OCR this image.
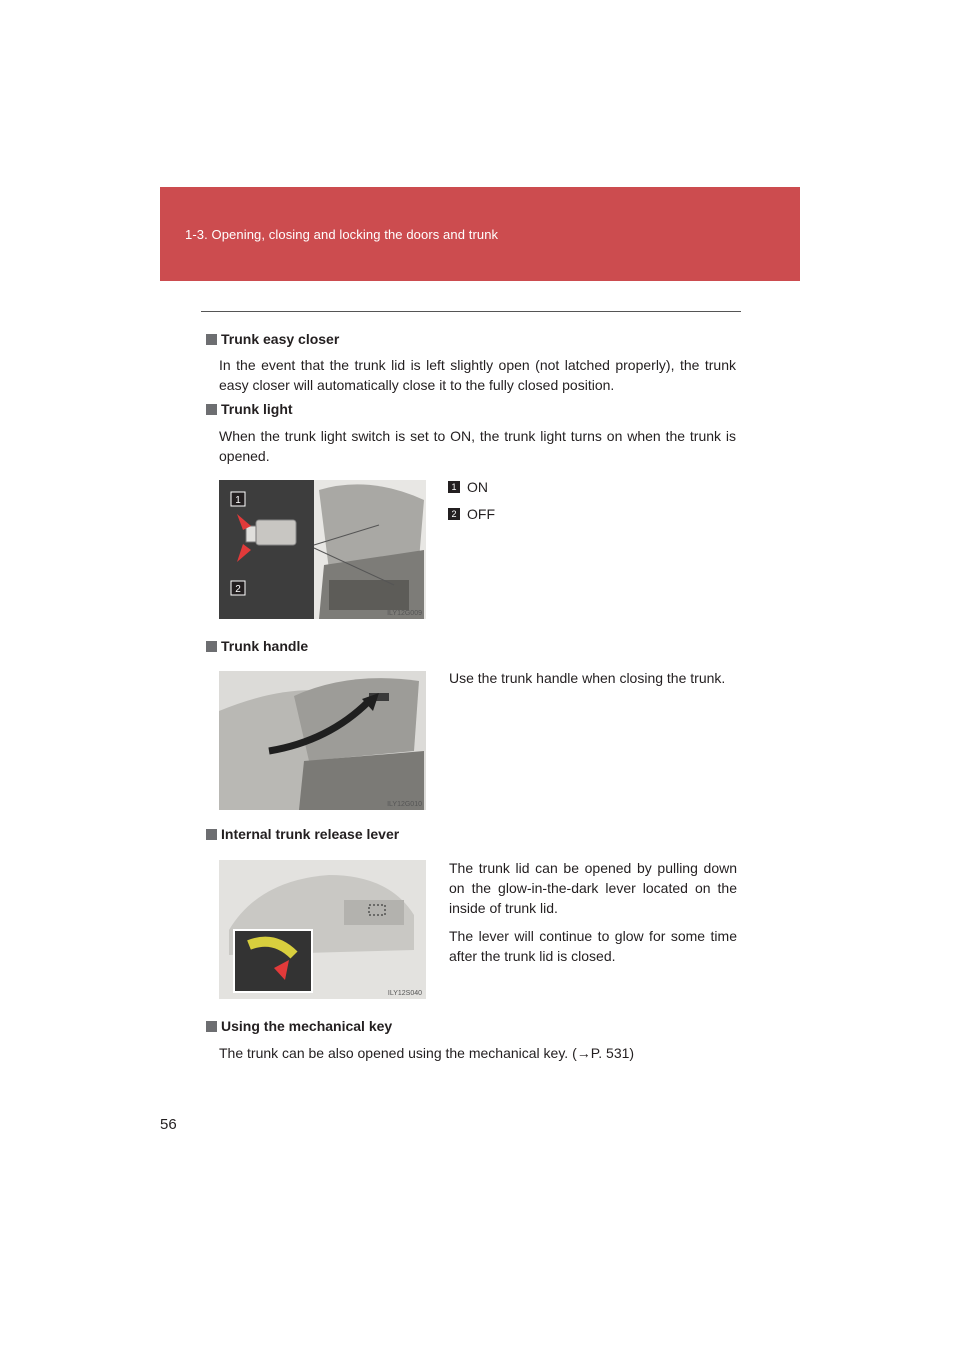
1-3. Opening, closing and locking the doors and trunk
Trunk easy closer
In the event that the trunk lid is left slightly open (not latched properly), the trunk easy closer will automatically close it to the fully closed position.
Trunk light
When the trunk light switch is set to ON, the trunk light turns on when the trunk is opened.
1
2
ILY12G009
1 ON
2 OFF
Trunk handle
ILY12G010
Use the trunk handle when closing the trunk.
Internal trunk release lever
ILY12S040

The trunk lid can be opened by pulling down on the glow-in-the-dark lever located on the inside of trunk lid.

The lever will continue to glow for some time after the trunk lid is closed.

Using the mechanical key
The trunk can be also opened using the mechanical key. (→P. 531)
56
